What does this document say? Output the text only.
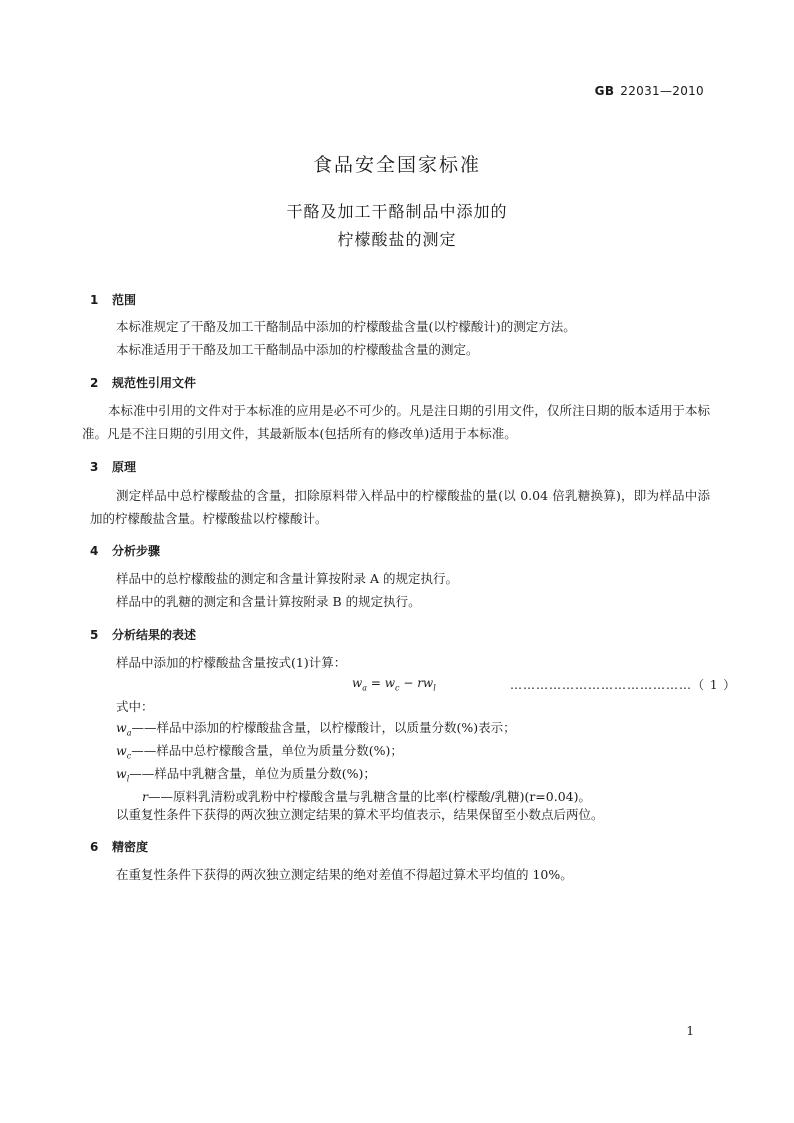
GB 22031—2010
食品安全国家标准
干酪及加工干酪制品中添加的
柠檬酸盐的测定
1 范围
本标准规定了干酪及加工干酪制品中添加的柠檬酸盐含量(以柠檬酸计)的测定方法。
本标准适用于干酪及加工干酪制品中添加的柠檬酸盐含量的测定。
2 规范性引用文件
本标准中引用的文件对于本标准的应用是必不可少的。凡是注日期的引用文件，仅所注日期的版本适用于本标准。凡是不注日期的引用文件，其最新版本(包括所有的修改单)适用于本标准。
3 原理
测定样品中总柠檬酸盐的含量，扣除原料带入样品中的柠檬酸盐的量(以 0.04 倍乳糖换算)，即为样品中添加的柠檬酸盐含量。柠檬酸盐以柠檬酸计。
4 分析步骤
样品中的总柠檬酸盐的测定和含量计算按附录 A 的规定执行。
样品中的乳糖的测定和含量计算按附录 B 的规定执行。
5 分析结果的表述
样品中添加的柠檬酸盐含量按式(1)计算：
$w_a = w_c - rw_l$	……………………………………（ 1 ）
式中：
$w_a——$样品中添加的柠檬酸盐含量，以柠檬酸计，以质量分数(%)表示；
$w_c——$样品中总柠檬酸含量，单位为质量分数(%)；
$w_l——$样品中乳糖含量，单位为质量分数(%)；
r——原料乳清粉或乳粉中柠檬酸含量与乳糖含量的比率(柠檬酸/乳糖)(r=0.04)。
以重复性条件下获得的两次独立测定结果的算术平均值表示，结果保留至小数点后两位。
6 精密度
在重复性条件下获得的两次独立测定结果的绝对差值不得超过算术平均值的 10%。
1
